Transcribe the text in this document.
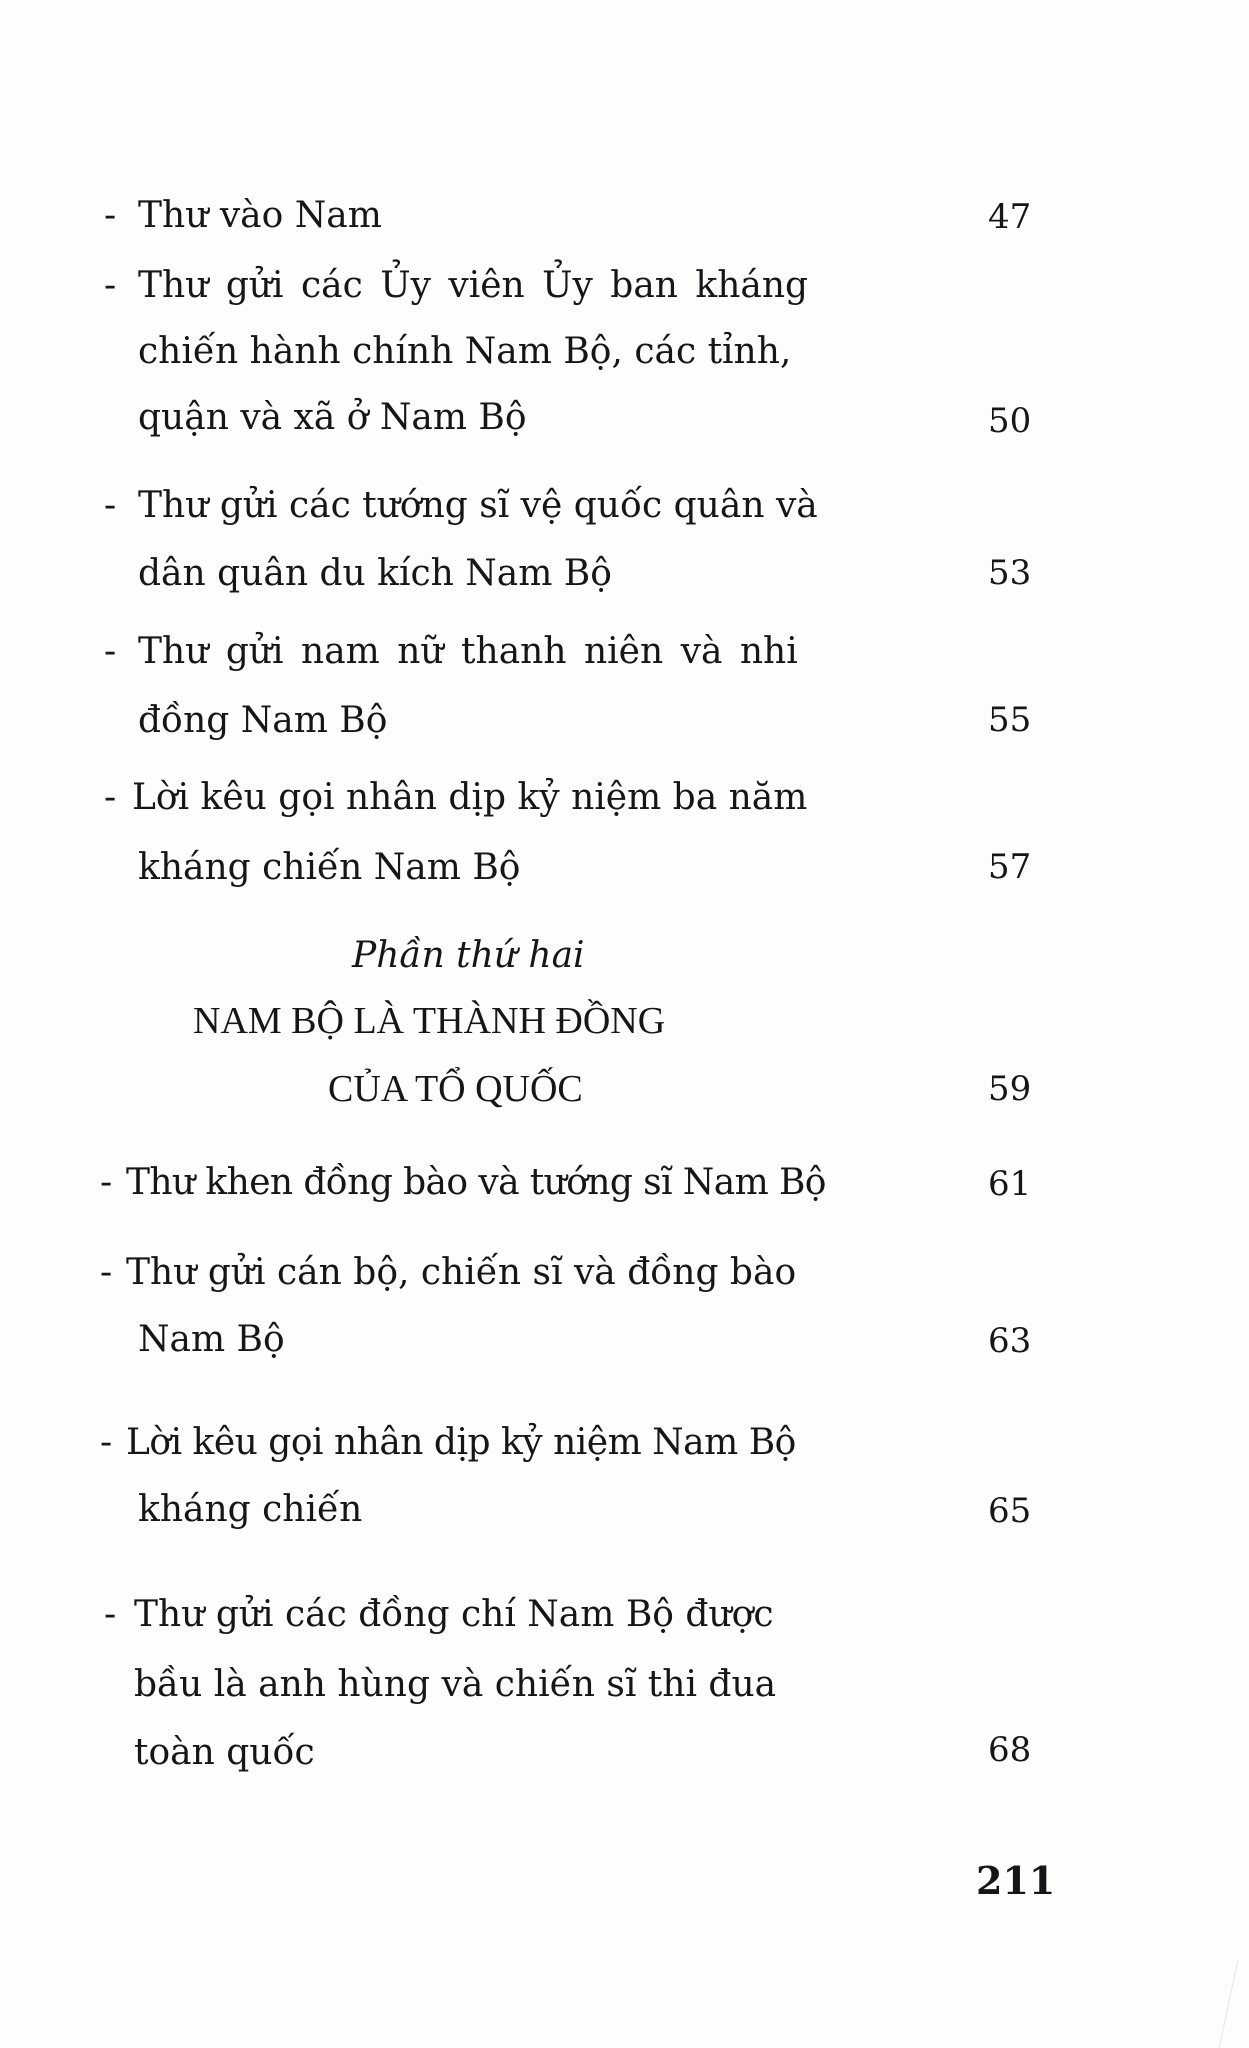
- Thư vào Nam	47
- Thư gửi các Ủy viên Ủy ban kháng
chiến hành chính Nam Bộ, các tỉnh,
quận và xã ở Nam Bộ	50
- Thư gửi các tướng sĩ vệ quốc quân và
dân quân du kích Nam Bộ	53
- Thư gửi nam nữ thanh niên và nhi
đồng Nam Bộ	55
- Lời kêu gọi nhân dịp kỷ niệm ba năm
kháng chiến Nam Bộ	57
Phần thứ hai
NAM BỘ LÀ THÀNH ĐỒNG
CỦA TỔ QUỐC	59
- Thư khen đồng bào và tướng sĩ Nam Bộ	61
- Thư gửi cán bộ, chiến sĩ và đồng bào
Nam Bộ	63
- Lời kêu gọi nhân dịp kỷ niệm Nam Bộ
kháng chiến	65
- Thư gửi các đồng chí Nam Bộ được
bầu là anh hùng và chiến sĩ thi đua
toàn quốc	68
211
